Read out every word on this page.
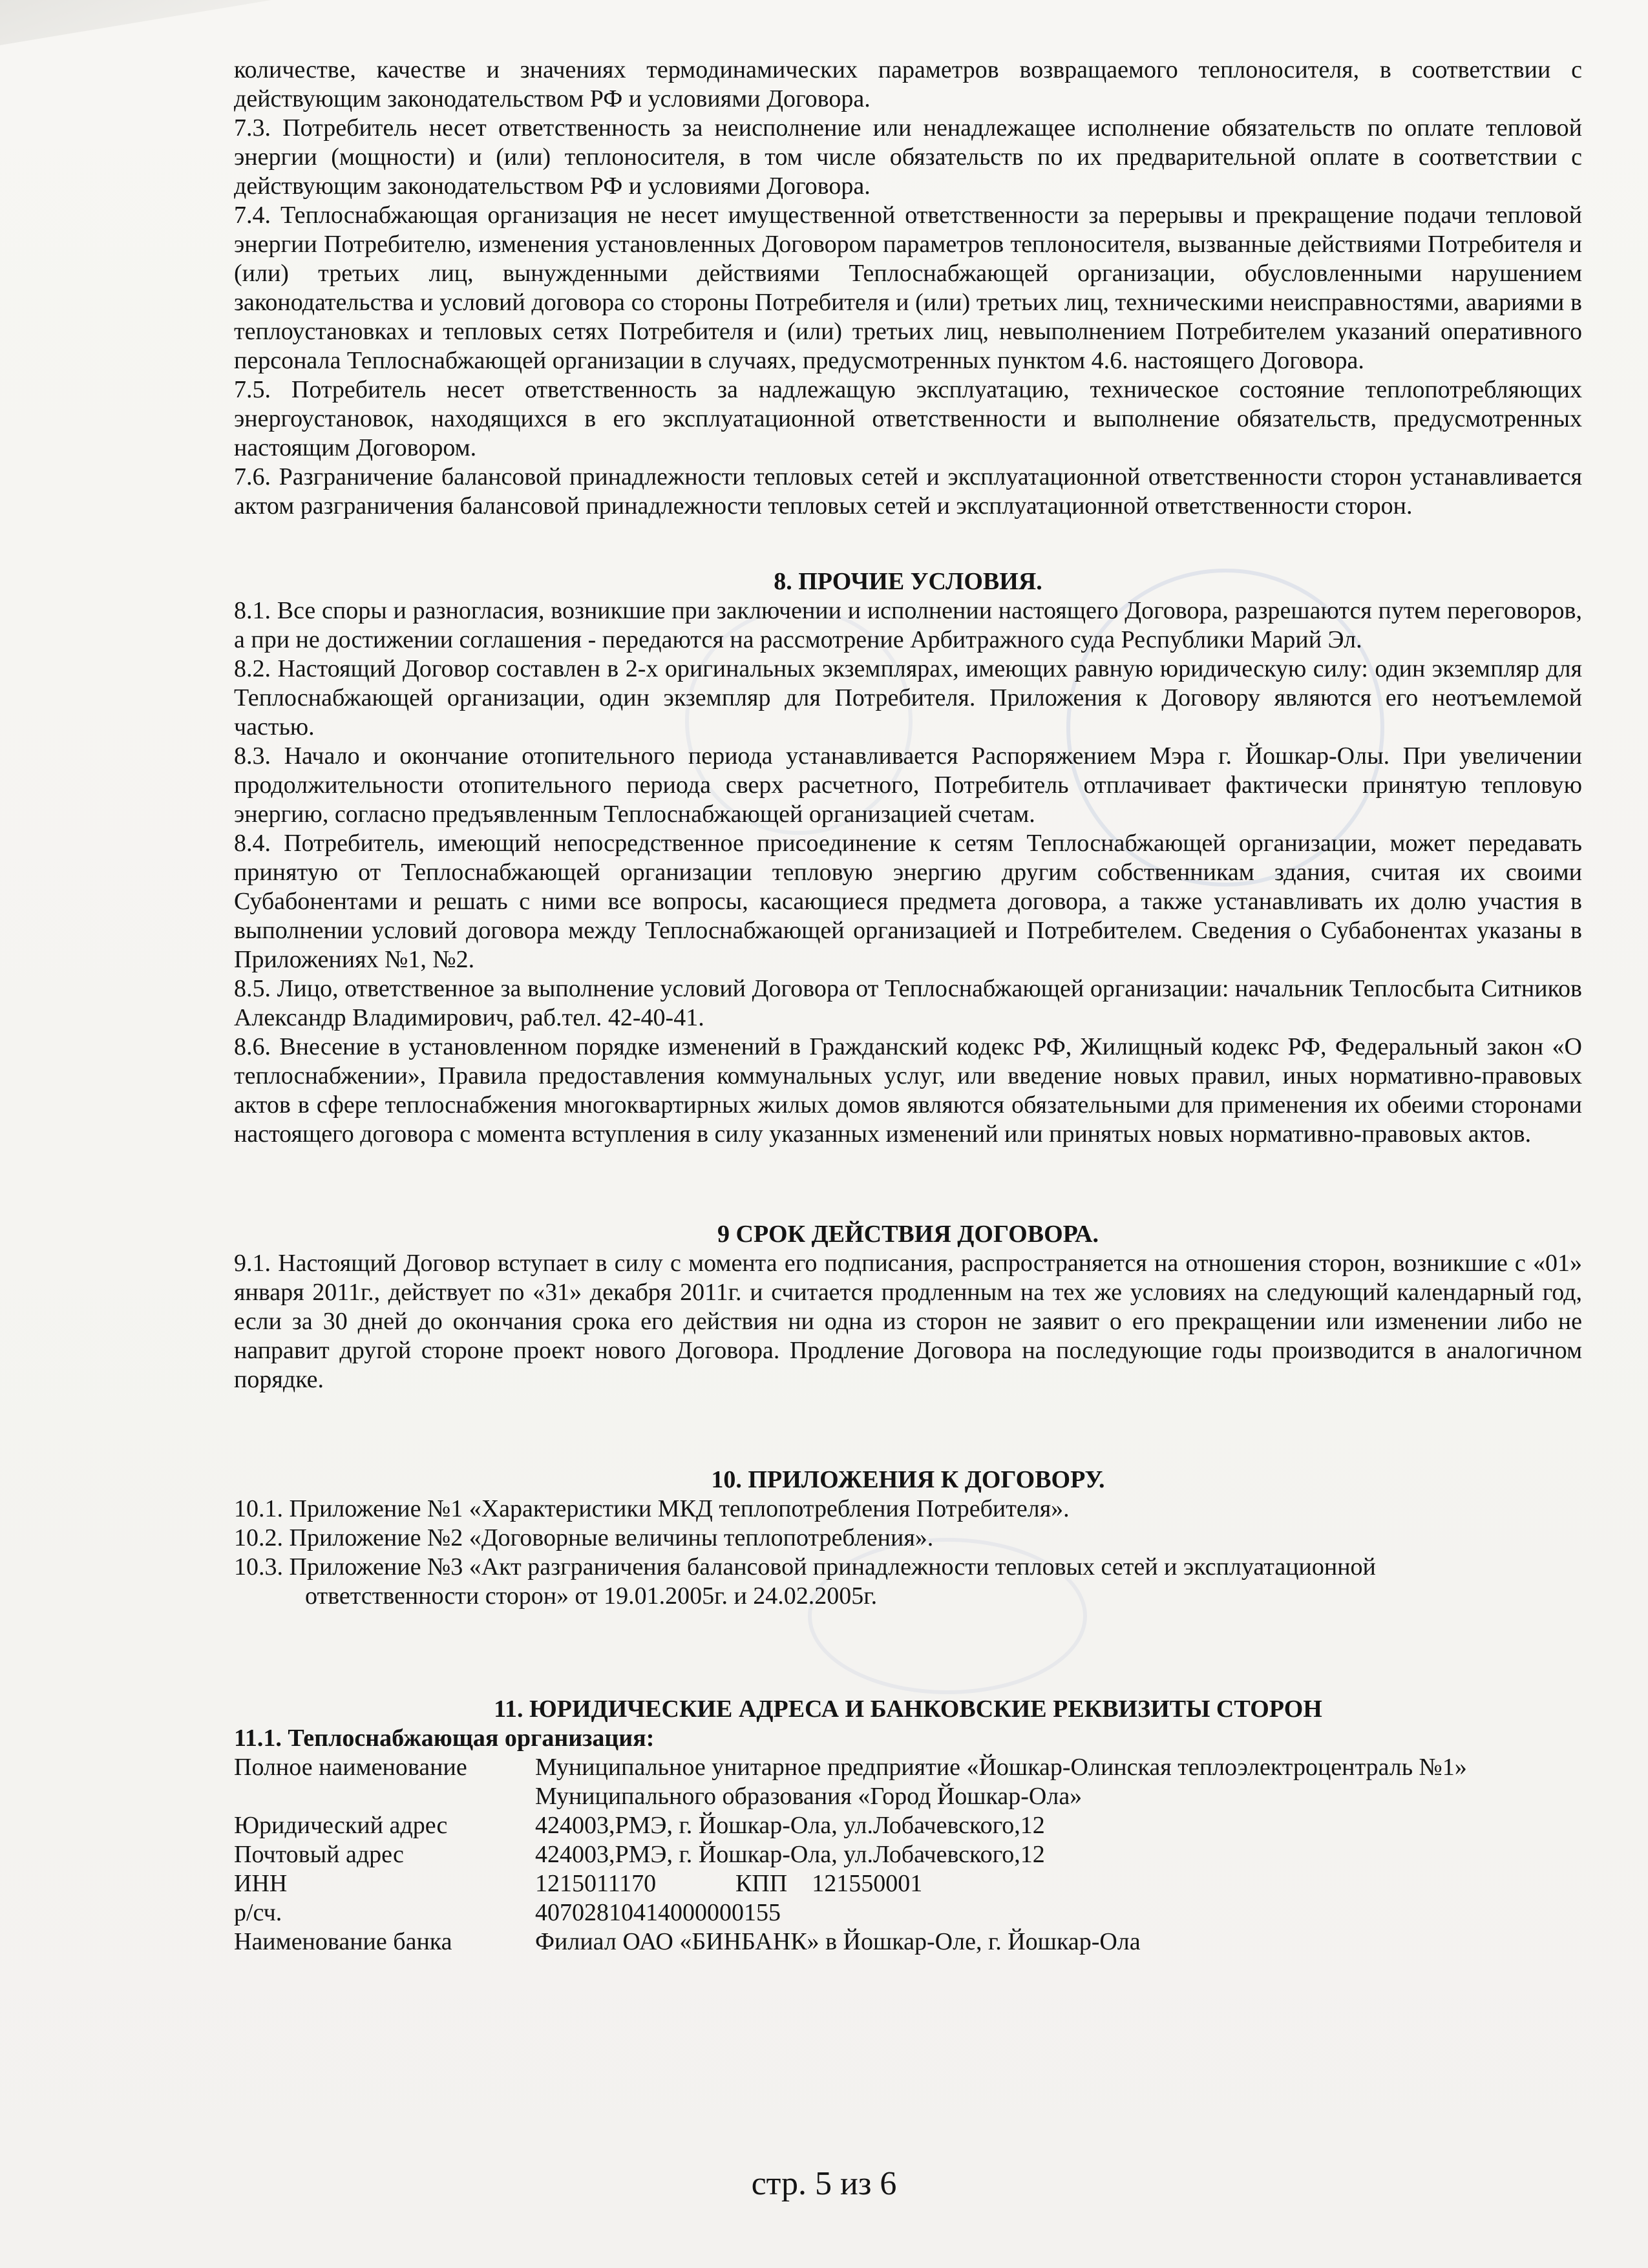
количестве, качестве и значениях термодинамических параметров возвращаемого теплоносителя, в соответствии с действующим законодательством РФ и условиями Договора.

7.3. Потребитель несет ответственность за неисполнение или ненадлежащее исполнение обязательств по оплате тепловой энергии (мощности) и (или) теплоносителя, в том числе обязательств по их предварительной оплате в соответствии с действующим законодательством РФ и условиями Договора.

7.4. Теплоснабжающая организация не несет имущественной ответственности за перерывы и прекращение подачи тепловой энергии Потребителю, изменения установленных Договором параметров теплоносителя, вызванные действиями Потребителя и (или) третьих лиц, вынужденными действиями Теплоснабжающей организации, обусловленными нарушением законодательства и условий договора со стороны Потребителя и (или) третьих лиц, техническими неисправностями, авариями в теплоустановках и тепловых сетях Потребителя и (или) третьих лиц, невыполнением Потребителем указаний оперативного персонала Теплоснабжающей организации в случаях, предусмотренных пунктом 4.6. настоящего Договора.

7.5. Потребитель несет ответственность за надлежащую эксплуатацию, техническое состояние теплопотребляющих энергоустановок, находящихся в его эксплуатационной ответственности и выполнение обязательств, предусмотренных настоящим Договором.

7.6. Разграничение балансовой принадлежности тепловых сетей и эксплуатационной ответственности сторон устанавливается актом разграничения балансовой принадлежности тепловых сетей и эксплуатационной ответственности сторон.

8. ПРОЧИЕ УСЛОВИЯ.

8.1. Все споры и разногласия, возникшие при заключении и исполнении настоящего Договора, разрешаются путем переговоров, а при не достижении соглашения - передаются на рассмотрение Арбитражного суда Республики Марий Эл.

8.2. Настоящий Договор составлен в 2-х оригинальных экземплярах, имеющих равную юридическую силу: один экземпляр для Теплоснабжающей организации, один экземпляр для Потребителя. Приложения к Договору являются его неотъемлемой частью.

8.3. Начало и окончание отопительного периода устанавливается Распоряжением Мэра г. Йошкар-Олы. При увеличении продолжительности отопительного периода сверх расчетного, Потребитель отплачивает фактически принятую тепловую энергию, согласно предъявленным Теплоснабжающей организацией счетам.

8.4. Потребитель, имеющий непосредственное присоединение к сетям Теплоснабжающей организации, может передавать принятую от Теплоснабжающей организации тепловую энергию другим собственникам здания, считая их своими Субабонентами и решать с ними все вопросы, касающиеся предмета договора, а также устанавливать их долю участия в выполнении условий договора между Теплоснабжающей организацией и Потребителем. Сведения о Субабонентах указаны в Приложениях №1, №2.

8.5. Лицо, ответственное за выполнение условий Договора от Теплоснабжающей организации: начальник Теплосбыта Ситников Александр Владимирович, раб.тел. 42-40-41.

8.6. Внесение в установленном порядке изменений в Гражданский кодекс РФ, Жилищный кодекс РФ, Федеральный закон «О теплоснабжении», Правила предоставления коммунальных услуг, или введение новых правил, иных нормативно-правовых актов в сфере теплоснабжения многоквартирных жилых домов являются обязательными для применения их обеими сторонами настоящего договора с момента вступления в силу указанных изменений или принятых новых нормативно-правовых актов.

9 СРОК ДЕЙСТВИЯ ДОГОВОРА.

9.1. Настоящий Договор вступает в силу с момента его подписания, распространяется на отношения сторон, возникшие с «01» января 2011г., действует по «31» декабря 2011г. и считается продленным на тех же условиях на следующий календарный год, если за 30 дней до окончания срока его действия ни одна из сторон не заявит о его прекращении или изменении либо не направит другой стороне проект нового Договора. Продление Договора на последующие годы производится в аналогичном порядке.

10. ПРИЛОЖЕНИЯ К ДОГОВОРУ.

10.1. Приложение №1 «Характеристики МКД теплопотребления Потребителя».

10.2. Приложение №2 «Договорные величины теплопотребления».

10.3. Приложение №3 «Акт разграничения балансовой принадлежности тепловых сетей и эксплуатационной

ответственности сторон» от 19.01.2005г. и 24.02.2005г.

11. ЮРИДИЧЕСКИЕ АДРЕСА И БАНКОВСКИЕ РЕКВИЗИТЫ СТОРОН

11.1. Теплоснабжающая организация:

Полное наименование	Муниципальное унитарное предприятие «Йошкар-Олинская теплоэлектроцентраль №1»
	Муниципального образования «Город Йошкар-Ола»
Юридический адрес	424003,РМЭ, г. Йошкар-Ола, ул.Лобачевского,12
Почтовый адрес	424003,РМЭ, г. Йошкар-Ола, ул.Лобачевского,12
ИНН	1215011170 КПП 121550001
р/сч.	40702810414000000155
Наименование банка	Филиал ОАО «БИНБАНК» в Йошкар-Оле, г. Йошкар-Ола
стр. 5 из 6
